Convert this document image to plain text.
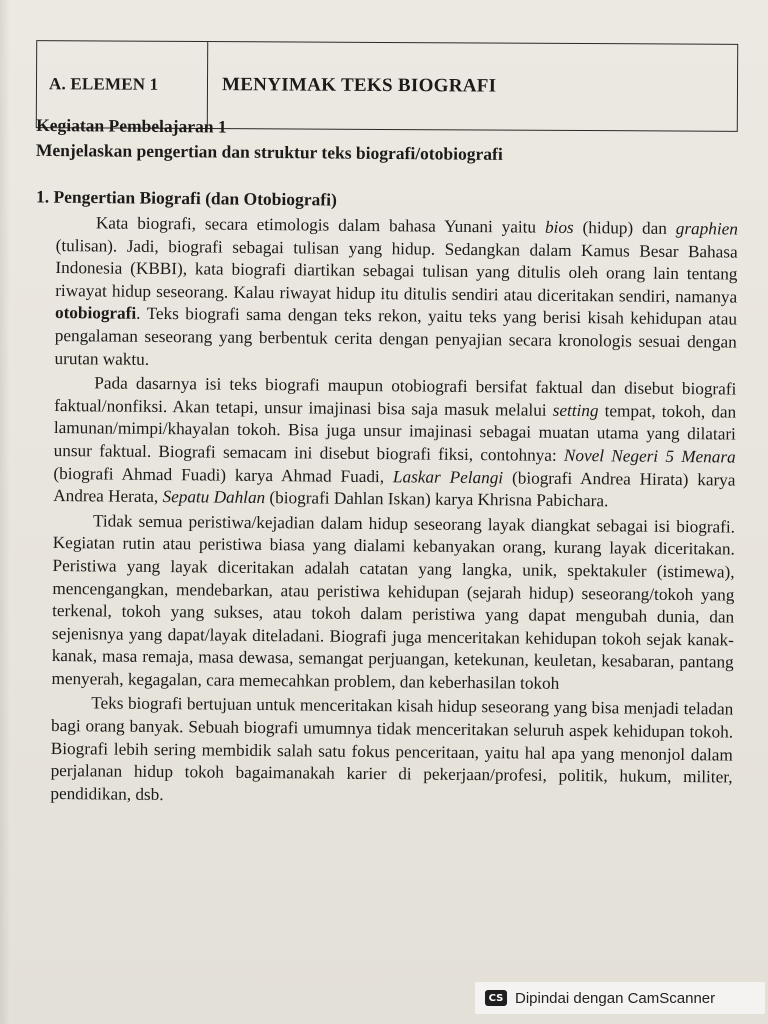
A. ELEMEN 1	MENYIMAK TEKS BIOGRAFI
Kegiatan Pembelajaran 1
Menjelaskan pengertian dan struktur teks biografi/otobiografi
1. Pengertian Biografi (dan Otobiografi)

Kata biografi, secara etimologis dalam bahasa Yunani yaitu bios (hidup) dan graphien (tulisan). Jadi, biografi sebagai tulisan yang hidup. Sedangkan dalam Kamus Besar Bahasa Indonesia (KBBI), kata biografi diartikan sebagai tulisan yang ditulis oleh orang lain tentang riwayat hidup seseorang. Kalau riwayat hidup itu ditulis sendiri atau diceritakan sendiri, namanya otobiografi. Teks biografi sama dengan teks rekon, yaitu teks yang berisi kisah kehidupan atau pengalaman seseorang yang berbentuk cerita dengan penyajian secara kronologis sesuai dengan urutan waktu.

Pada dasarnya isi teks biografi maupun otobiografi bersifat faktual dan disebut biografi faktual/nonfiksi. Akan tetapi, unsur imajinasi bisa saja masuk melalui setting tempat, tokoh, dan lamunan/mimpi/khayalan tokoh. Bisa juga unsur imajinasi sebagai muatan utama yang dilatari unsur faktual. Biografi semacam ini disebut biografi fiksi, contohnya: Novel Negeri 5 Menara (biografi Ahmad Fuadi) karya Ahmad Fuadi, Laskar Pelangi (biografi Andrea Hirata) karya Andrea Herata, Sepatu Dahlan (biografi Dahlan Iskan) karya Khrisna Pabichara.

Tidak semua peristiwa/kejadian dalam hidup seseorang layak diangkat sebagai isi biografi. Kegiatan rutin atau peristiwa biasa yang dialami kebanyakan orang, kurang layak diceritakan. Peristiwa yang layak diceritakan adalah catatan yang langka, unik, spektakuler (istimewa), mencengangkan, mendebarkan, atau peristiwa kehidupan (sejarah hidup) seseorang/tokoh yang terkenal, tokoh yang sukses, atau tokoh dalam peristiwa yang dapat mengubah dunia, dan sejenisnya yang dapat/layak diteladani. Biografi juga menceritakan kehidupan tokoh sejak kanak-kanak, masa remaja, masa dewasa, semangat perjuangan, ketekunan, keuletan, kesabaran, pantang menyerah, kegagalan, cara memecahkan problem, dan keberhasilan tokoh

Teks biografi bertujuan untuk menceritakan kisah hidup seseorang yang bisa menjadi teladan bagi orang banyak. Sebuah biografi umumnya tidak menceritakan seluruh aspek kehidupan tokoh. Biografi lebih sering membidik salah satu fokus penceritaan, yaitu hal apa yang menonjol dalam perjalanan hidup tokoh bagaimanakah karier di pekerjaan/profesi, politik, hukum, militer, pendidikan, dsb.

CS Dipindai dengan CamScanner
